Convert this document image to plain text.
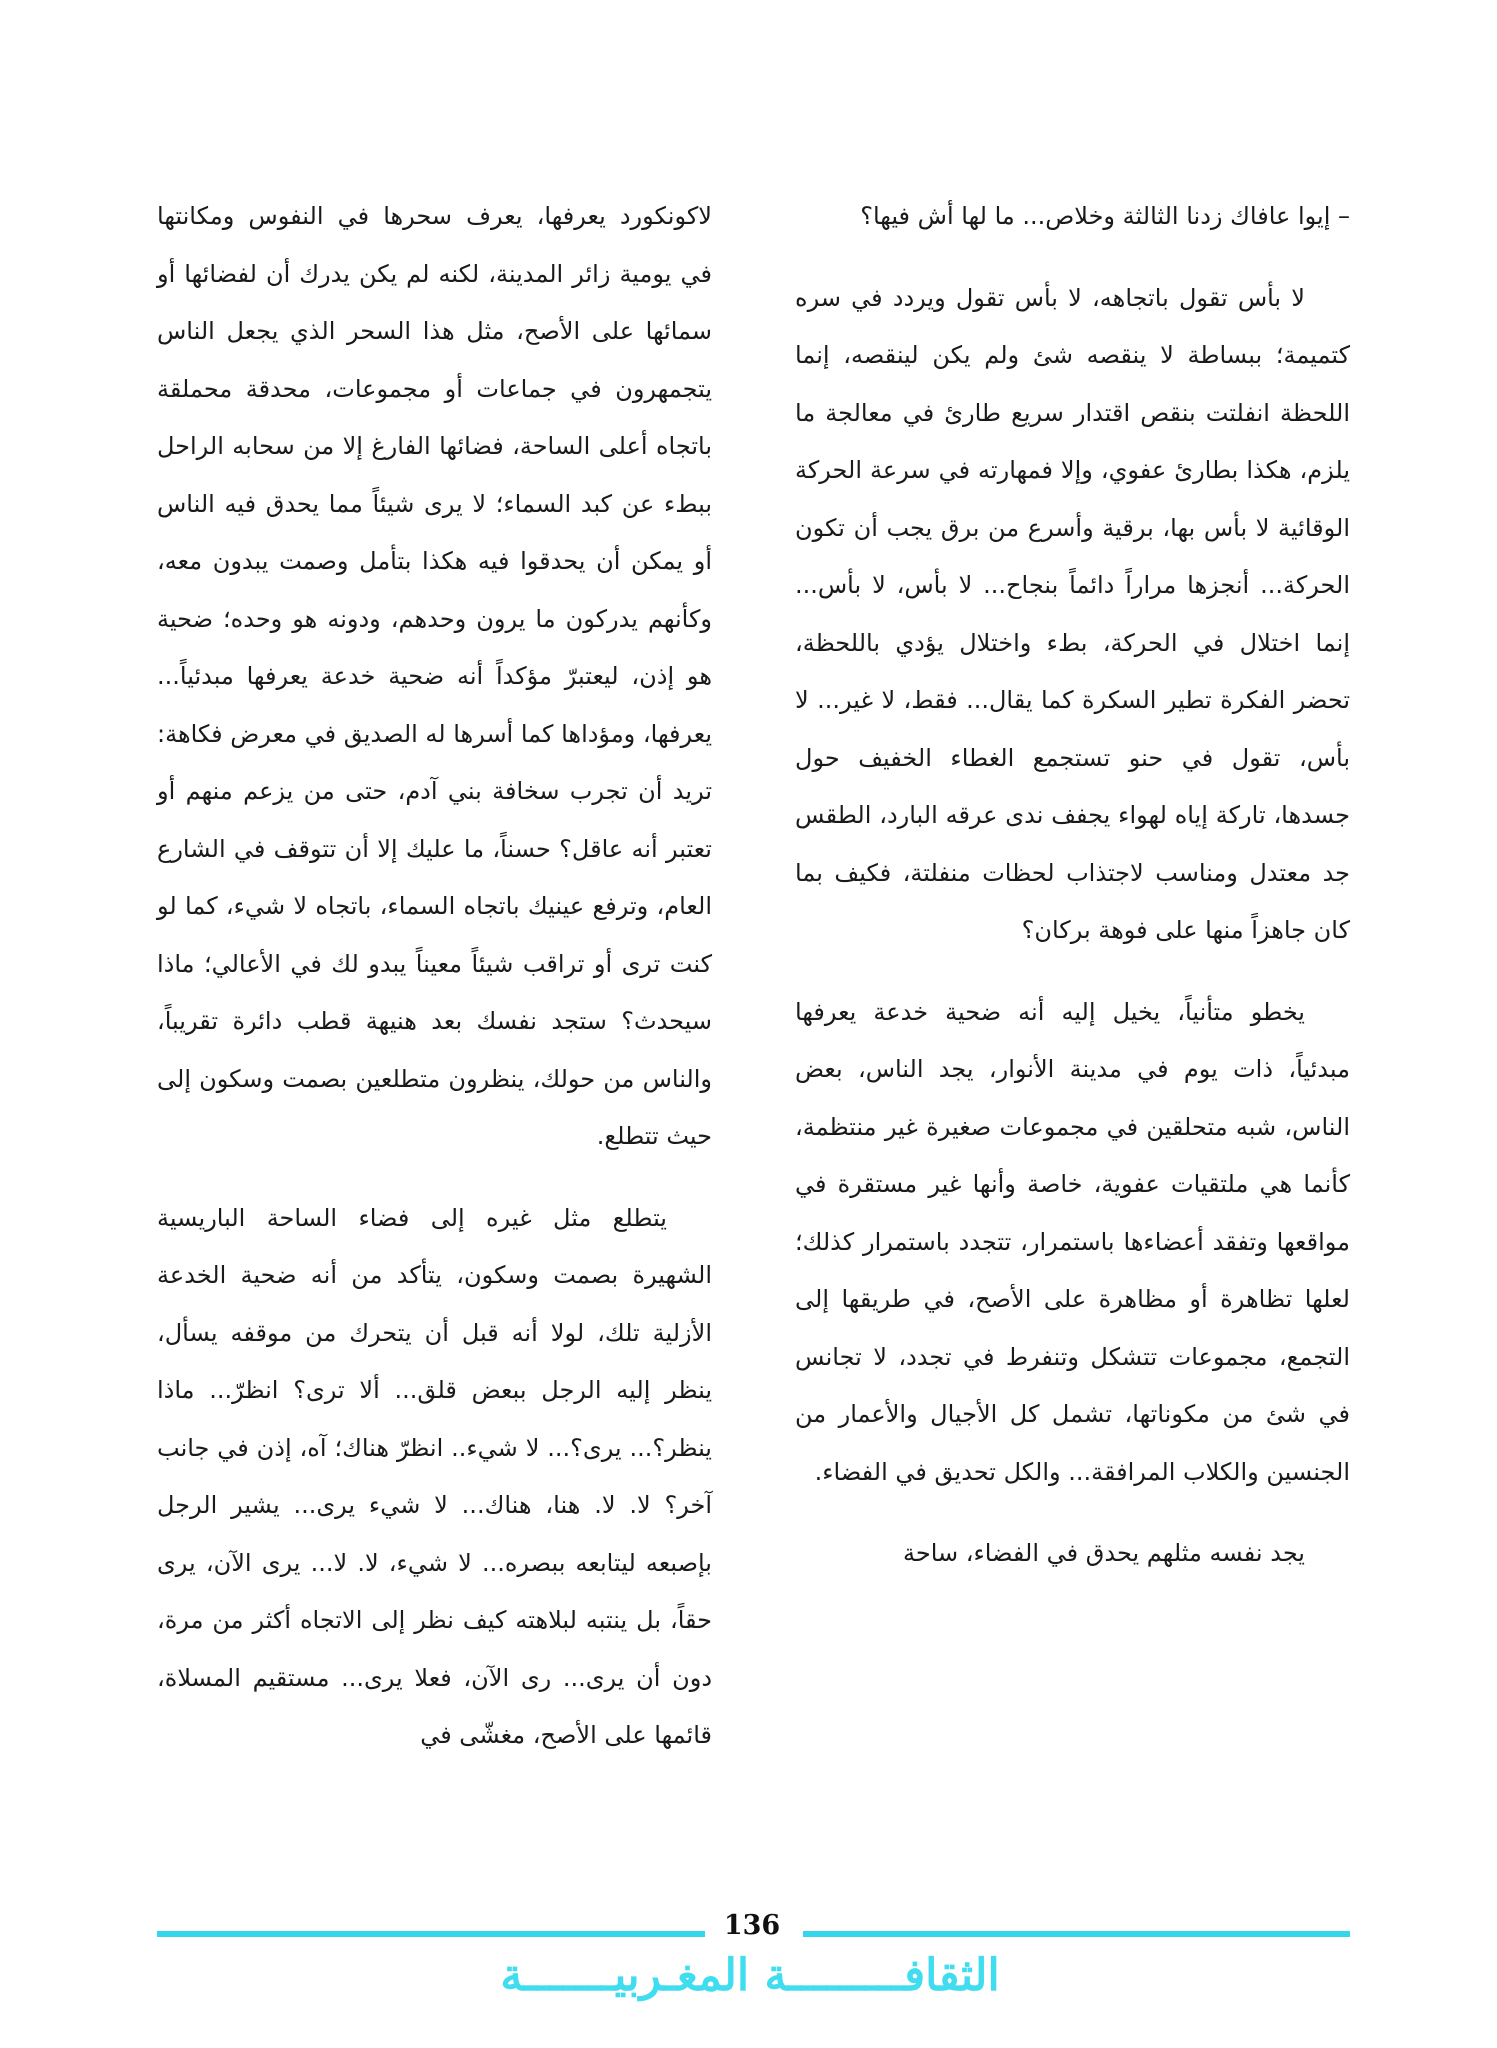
– إيوا عافاك زدنا الثالثة وخلاص... ما لها أش فيها؟

لا بأس تقول باتجاهه، لا بأس تقول ويردد في سره كتميمة؛ ببساطة لا ينقصه شئ ولم يكن لينقصه، إنما اللحظة انفلتت بنقص اقتدار سريع طارئ في معالجة ما يلزم، هكذا بطارئ عفوي، وإلا فمهارته في سرعة الحركة الوقائية لا بأس بها، برقية وأسرع من برق يجب أن تكون الحركة... أنجزها مراراً دائماً بنجاح... لا بأس، لا بأس... إنما اختلال في الحركة، بطء واختلال يؤدي باللحظة، تحضر الفكرة تطير السكرة كما يقال... فقط، لا غير... لا بأس، تقول في حنو تستجمع الغطاء الخفيف حول جسدها، تاركة إياه لهواء يجفف ندى عرقه البارد، الطقس جد معتدل ومناسب لاجتذاب لحظات منفلتة، فكيف بما كان جاهزاً منها على فوهة بركان؟

يخطو متأنياً، يخيل إليه أنه ضحية خدعة يعرفها مبدئياً، ذات يوم في مدينة الأنوار، يجد الناس، بعض الناس، شبه متحلقين في مجموعات صغيرة غير منتظمة، كأنما هي ملتقيات عفوية، خاصة وأنها غير مستقرة في مواقعها وتفقد أعضاءها باستمرار، تتجدد باستمرار كذلك؛ لعلها تظاهرة أو مظاهرة على الأصح، في طريقها إلى التجمع، مجموعات تتشكل وتنفرط في تجدد، لا تجانس في شئ من مكوناتها، تشمل كل الأجيال والأعمار من الجنسين والكلاب المرافقة... والكل تحديق في الفضاء.

يجد نفسه مثلهم يحدق في الفضاء، ساحة

لاكونكورد يعرفها، يعرف سحرها في النفوس ومكانتها في يومية زائر المدينة، لكنه لم يكن يدرك أن لفضائها أو سمائها على الأصح، مثل هذا السحر الذي يجعل الناس يتجمهرون في جماعات أو مجموعات، محدقة محملقة باتجاه أعلى الساحة، فضائها الفارغ إلا من سحابه الراحل ببطء عن كبد السماء؛ لا يرى شيئاً مما يحدق فيه الناس أو يمكن أن يحدقوا فيه هكذا بتأمل وصمت يبدون معه، وكأنهم يدركون ما يرون وحدهم، ودونه هو وحده؛ ضحية هو إذن، ليعتبرّ مؤكداً أنه ضحية خدعة يعرفها مبدئياً... يعرفها، ومؤداها كما أسرها له الصديق في معرض فكاهة: تريد أن تجرب سخافة بني آدم، حتى من يزعم منهم أو تعتبر أنه عاقل؟ حسناً، ما عليك إلا أن تتوقف في الشارع العام، وترفع عينيك باتجاه السماء، باتجاه لا شيء، كما لو كنت ترى أو تراقب شيئاً معيناً يبدو لك في الأعالي؛ ماذا سيحدث؟ ستجد نفسك بعد هنيهة قطب دائرة تقريباً، والناس من حولك، ينظرون متطلعين بصمت وسكون إلى حيث تتطلع.

يتطلع مثل غيره إلى فضاء الساحة الباريسية الشهيرة بصمت وسكون، يتأكد من أنه ضحية الخدعة الأزلية تلك، لولا أنه قبل أن يتحرك من موقفه يسأل، ينظر إليه الرجل ببعض قلق... ألا ترى؟ انظرّ... ماذا ينظر؟... يرى؟... لا شيء.. انظرّ هناك؛ آه، إذن في جانب آخر؟ لا. لا. هنا، هناك... لا شيء يرى... يشير الرجل بإصبعه ليتابعه ببصره... لا شيء، لا. لا... يرى الآن، يرى حقاً، بل ينتبه لبلاهته كيف نظر إلى الاتجاه أكثر من مرة، دون أن يرى... رى الآن، فعلا يرى... مستقيم المسلاة، قائمها على الأصح، مغشّى في

136
الثقافـــــــــة المغـربيـــــــة
